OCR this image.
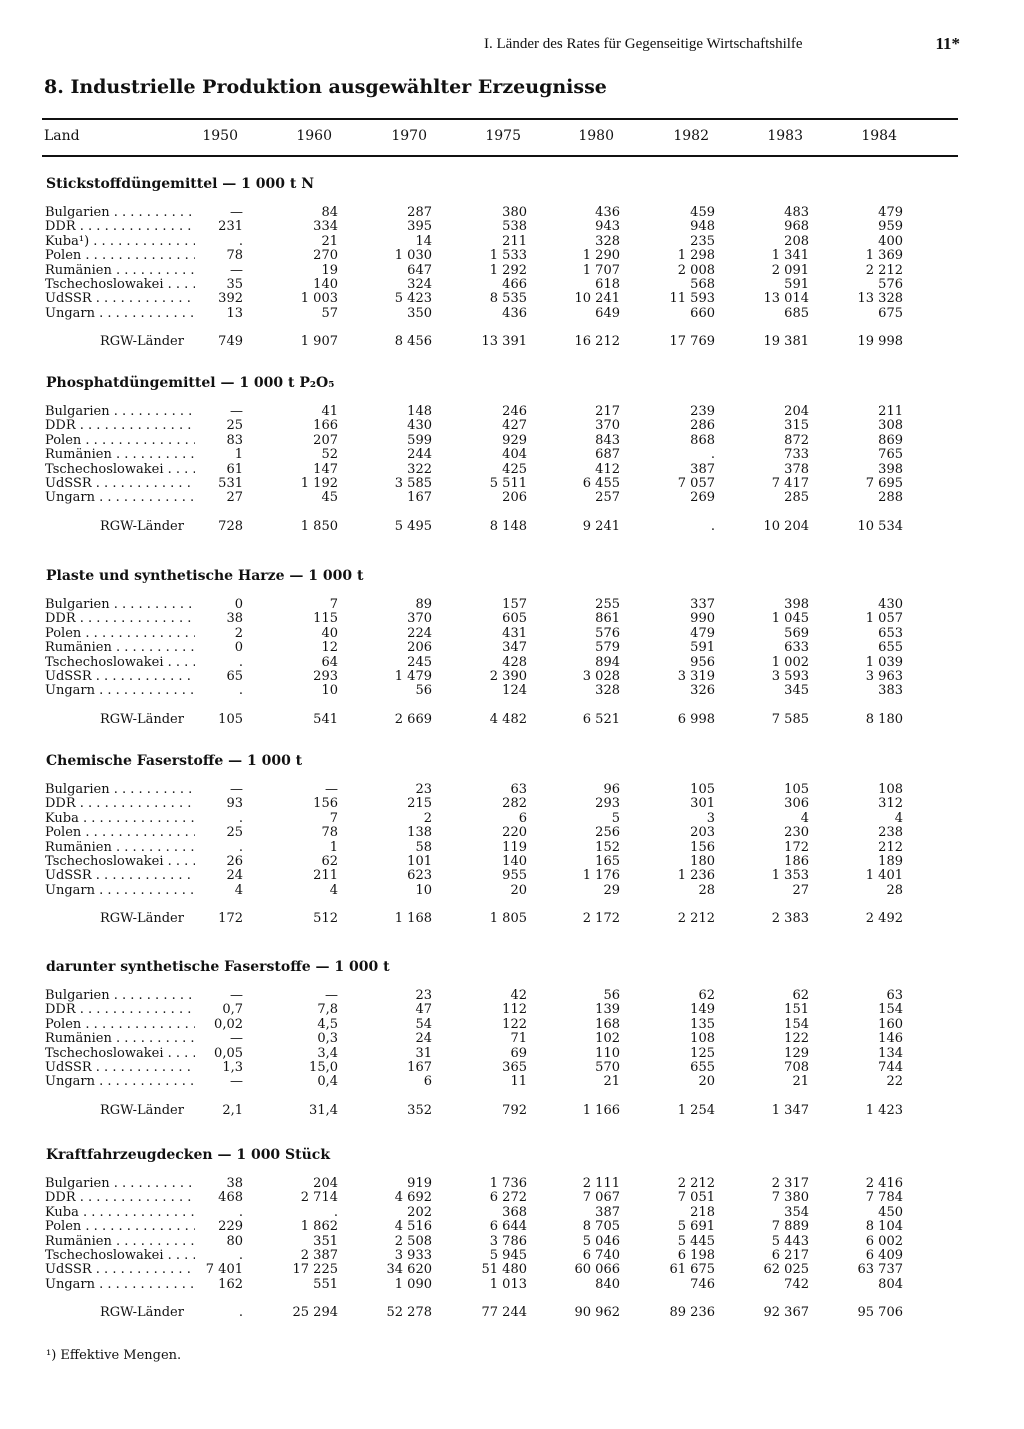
I. Länder des Rates für Gegenseitige Wirtschaftshilfe	11*
8. Industrielle Produktion ausgewählter Erzeugnisse
Land	1950	1960	1970	1975	1980	1982	1983	1984
Stickstoffdüngemittel — 1 000 t N
Bulgarien . . .	—	84	287	380	436	459	483	479
DDR . . .	231	334	395	538	943	948	968	959
Kuba¹) . . .	.	21	14	211	328	235	208	400
Polen . . .	78	270	1 030	1 533	1 290	1 298	1 341	1 369
Rumänien . . .	—	19	647	1 292	1 707	2 008	2 091	2 212
Tschechoslowakei . . .	35	140	324	466	618	568	591	576
UdSSR . . .	392	1 003	5 423	8 535	10 241	11 593	13 014	13 328
Ungarn . . .	13	57	350	436	649	660	685	675
RGW-Länder	749	1 907	8 456	13 391	16 212	17 769	19 381	19 998
Phosphatdüngemittel — 1 000 t P₂O₅
Bulgarien . . .	—	41	148	246	217	239	204	211
DDR . . .	25	166	430	427	370	286	315	308
Polen . . .	83	207	599	929	843	868	872	869
Rumänien . . .	1	52	244	404	687	.	733	765
Tschechoslowakei . . .	61	147	322	425	412	387	378	398
UdSSR . . .	531	1 192	3 585	5 511	6 455	7 057	7 417	7 695
Ungarn . . .	27	45	167	206	257	269	285	288
RGW-Länder	728	1 850	5 495	8 148	9 241	.	10 204	10 534
Plaste und synthetische Harze — 1 000 t
Bulgarien . . .	0	7	89	157	255	337	398	430
DDR . . .	38	115	370	605	861	990	1 045	1 057
Polen . . .	2	40	224	431	576	479	569	653
Rumänien . . .	0	12	206	347	579	591	633	655
Tschechoslowakei . . .	.	64	245	428	894	956	1 002	1 039
UdSSR . . .	65	293	1 479	2 390	3 028	3 319	3 593	3 963
Ungarn . . .	.	10	56	124	328	326	345	383
RGW-Länder	105	541	2 669	4 482	6 521	6 998	7 585	8 180
Chemische Faserstoffe — 1 000 t
Bulgarien . . .	—	—	23	63	96	105	105	108
DDR . . .	93	156	215	282	293	301	306	312
Kuba . . .	.	7	2	6	5	3	4	4
Polen . . .	25	78	138	220	256	203	230	238
Rumänien . . .	.	1	58	119	152	156	172	212
Tschechoslowakei . . .	26	62	101	140	165	180	186	189
UdSSR . . .	24	211	623	955	1 176	1 236	1 353	1 401
Ungarn . . .	4	4	10	20	29	28	27	28
RGW-Länder	172	512	1 168	1 805	2 172	2 212	2 383	2 492
darunter synthetische Faserstoffe — 1 000 t
Bulgarien . . .	—	—	23	42	56	62	62	63
DDR . . .	0,7	7,8	47	112	139	149	151	154
Polen . . .	0,02	4,5	54	122	168	135	154	160
Rumänien . . .	—	0,3	24	71	102	108	122	146
Tschechoslowakei . . .	0,05	3,4	31	69	110	125	129	134
UdSSR . . .	1,3	15,0	167	365	570	655	708	744
Ungarn . . .	—	0,4	6	11	21	20	21	22
RGW-Länder	2,1	31,4	352	792	1 166	1 254	1 347	1 423
Kraftfahrzeugdecken — 1 000 Stück
Bulgarien . . .	38	204	919	1 736	2 111	2 212	2 317	2 416
DDR . . .	468	2 714	4 692	6 272	7 067	7 051	7 380	7 784
Kuba . . .	.	.	202	368	387	218	354	450
Polen . . .	229	1 862	4 516	6 644	8 705	5 691	7 889	8 104
Rumänien . . .	80	351	2 508	3 786	5 046	5 445	5 443	6 002
Tschechoslowakei . . .	.	2 387	3 933	5 945	6 740	6 198	6 217	6 409
UdSSR . . .	7 401	17 225	34 620	51 480	60 066	61 675	62 025	63 737
Ungarn . . .	162	551	1 090	1 013	840	746	742	804
RGW-Länder	.	25 294	52 278	77 244	90 962	89 236	92 367	95 706
¹) Effektive Mengen.
